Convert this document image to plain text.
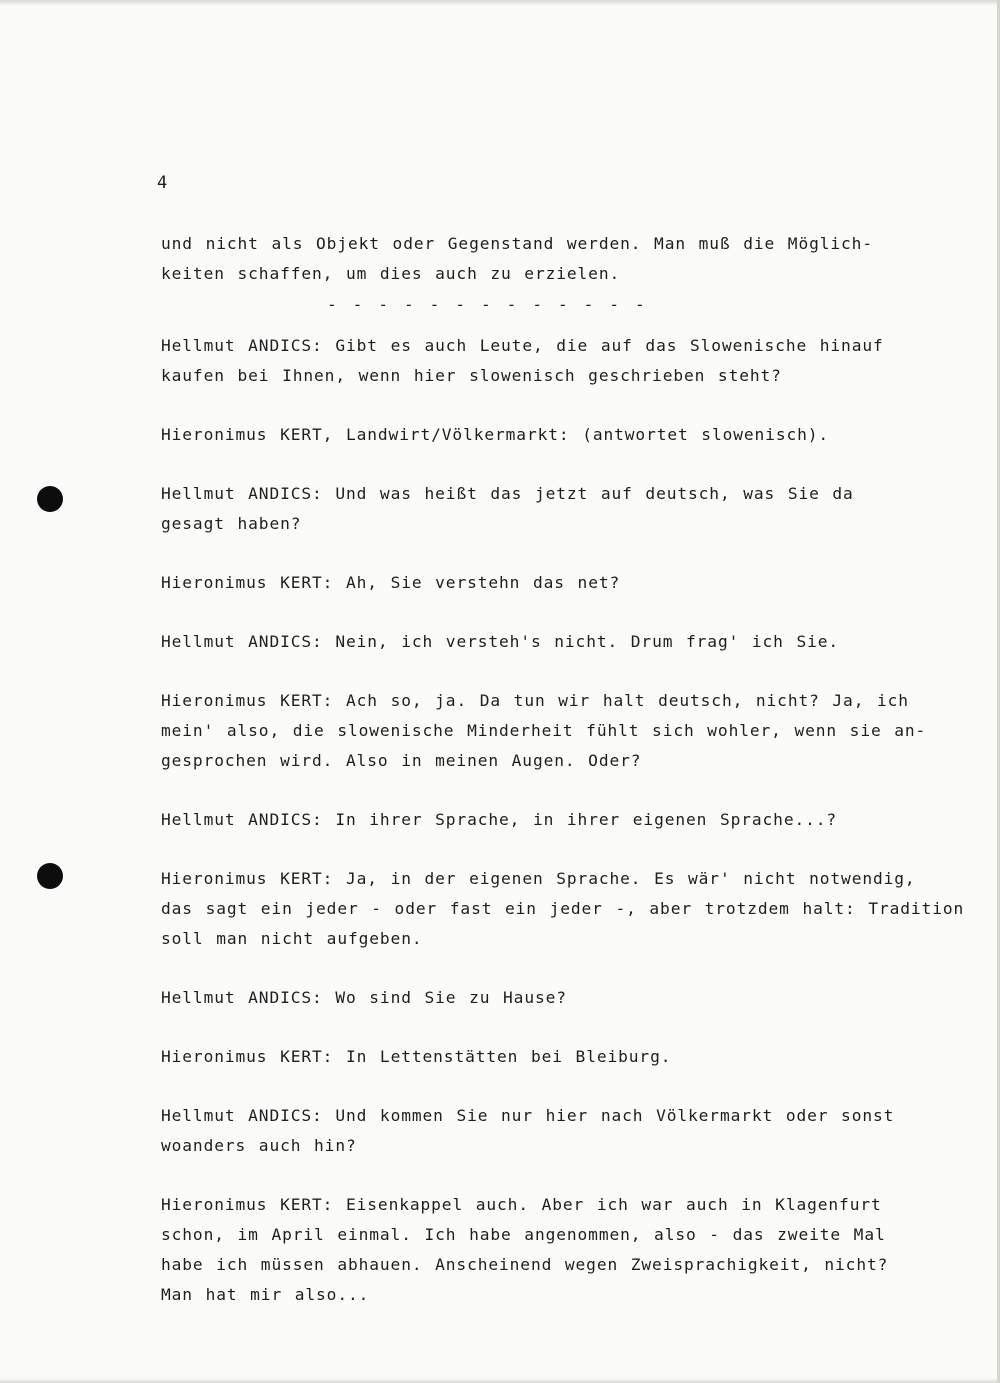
4

und nicht als Objekt oder Gegenstand werden. Man muß die Möglich-
keiten schaffen, um dies auch zu erzielen.

- - - - - - - - - - - - -

Hellmut ANDICS: Gibt es auch Leute, die auf das Slowenische hinauf
kaufen bei Ihnen, wenn hier slowenisch geschrieben steht?

Hieronimus KERT, Landwirt/Völkermarkt: (antwortet slowenisch).

Hellmut ANDICS: Und was heißt das jetzt auf deutsch, was Sie da
gesagt haben?

Hieronimus KERT: Ah, Sie verstehn das net?

Hellmut ANDICS: Nein, ich versteh's nicht. Drum frag' ich Sie.

Hieronimus KERT: Ach so, ja. Da tun wir halt deutsch, nicht? Ja, ich
mein' also, die slowenische Minderheit fühlt sich wohler, wenn sie an-
gesprochen wird. Also in meinen Augen. Oder?

Hellmut ANDICS: In ihrer Sprache, in ihrer eigenen Sprache...?

Hieronimus KERT: Ja, in der eigenen Sprache. Es wär' nicht notwendig,
das sagt ein jeder - oder fast ein jeder -, aber trotzdem halt: Tradition
soll man nicht aufgeben.

Hellmut ANDICS: Wo sind Sie zu Hause?

Hieronimus KERT: In Lettenstätten bei Bleiburg.

Hellmut ANDICS: Und kommen Sie nur hier nach Völkermarkt oder sonst
woanders auch hin?

Hieronimus KERT: Eisenkappel auch. Aber ich war auch in Klagenfurt
schon, im April einmal. Ich habe angenommen, also - das zweite Mal
habe ich müssen abhauen. Anscheinend wegen Zweisprachigkeit, nicht?
Man hat mir also...
